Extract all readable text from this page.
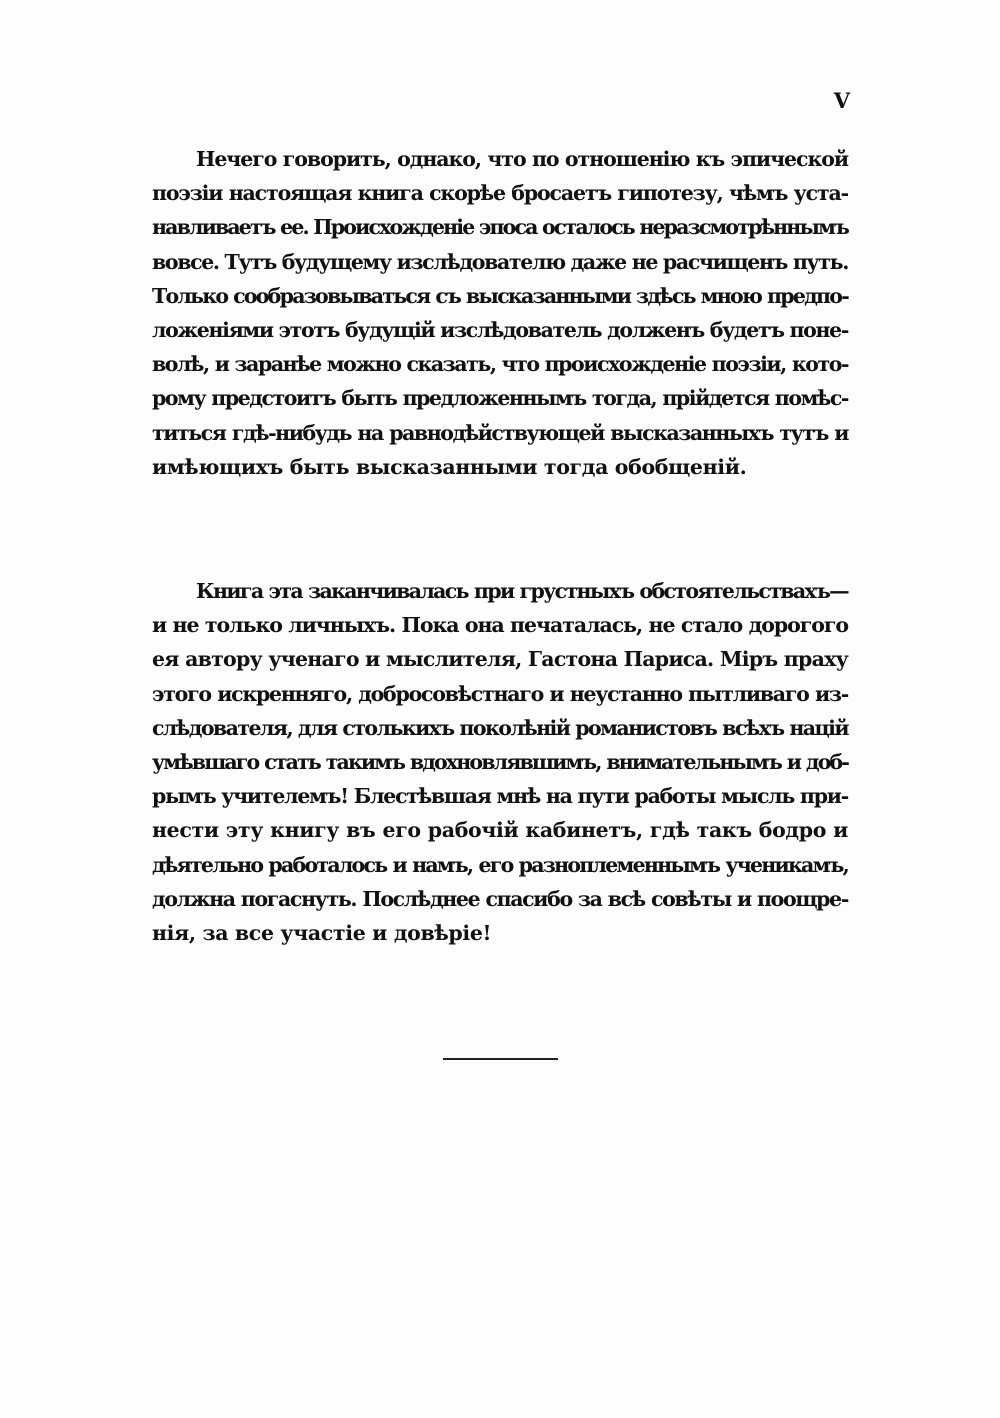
V
Нечего говорить, однако, что по отношенію къ эпической
поэзіи настоящая книга скорѣе бросаетъ гипотезу, чѣмъ уста-
навливаетъ ее. Происхожденіе эпоса осталось неразсмотрѣннымъ
вовсе. Тутъ будущему изслѣдователю даже не расчищенъ путь.
Только сообразовываться съ высказанными здѣсь мною предпо-
ложеніями этотъ будущій изслѣдователь долженъ будетъ поне-
волѣ, и заранѣе можно сказать, что происхожденіе поэзіи, кото-
рому предстоитъ быть предложеннымъ тогда, прійдется помѣс-
титься гдѣ-нибудь на равнодѣйствующей высказанныхъ тутъ и
имѣющихъ быть высказанными тогда обобщеній.
Книга эта заканчивалась при грустныхъ обстоятельствахъ—
и не только личныхъ. Пока она печаталась, не стало дорогого
ея автору ученаго и мыслителя, Гастона Париса. Міръ праху
этого искренняго, добросовѣстнаго и неустанно пытливаго из-
слѣдователя, для столькихъ поколѣній романистовъ всѣхъ націй
умѣвшаго стать такимъ вдохновлявшимъ, внимательнымъ и доб-
рымъ учителемъ! Блестѣвшая мнѣ на пути работы мысль при-
нести эту книгу въ его рабочій кабинетъ, гдѣ такъ бодро и
дѣятельно работалось и намъ, его разноплеменнымъ ученикамъ,
должна погаснуть. Послѣднее спасибо за всѣ совѣты и поощре-
нія, за все участіе и довѣріе!
